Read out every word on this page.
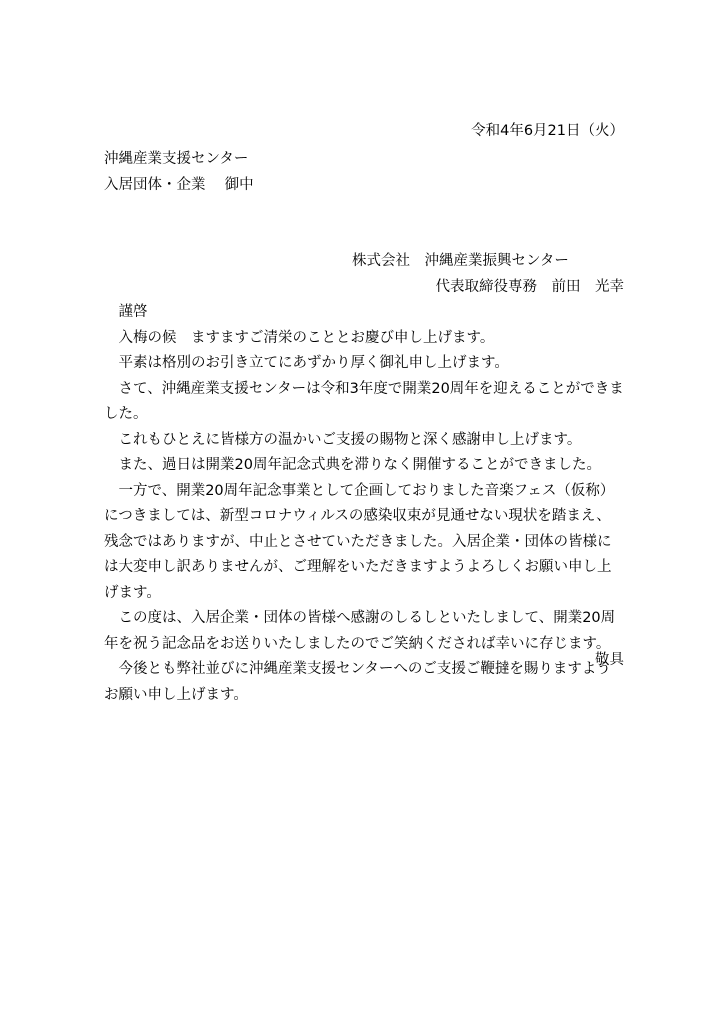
令和4年6月21日（火）
沖縄産業支援センター
入居団体・企業　 御中
株式会社　沖縄産業振興センター
代表取締役専務　前田　光幸

謹啓

入梅の候　ますますご清栄のこととお慶び申し上げます。

平素は格別のお引き立てにあずかり厚く御礼申し上げます。

さて、沖縄産業支援センターは令和3年度で開業20周年を迎えることができました。

これもひとえに皆様方の温かいご支援の賜物と深く感謝申し上げます。

また、過日は開業20周年記念式典を滞りなく開催することができました。

一方で、開業20周年記念事業として企画しておりました音楽フェス（仮称）につきましては、新型コロナウィルスの感染収束が見通せない現状を踏まえ、残念ではありますが、中止とさせていただきました。入居企業・団体の皆様には大変申し訳ありませんが、ご理解をいただきますようよろしくお願い申し上げます。

この度は、入居企業・団体の皆様へ感謝のしるしといたしまして、開業20周年を祝う記念品をお送りいたしましたのでご笑納くだされば幸いに存じます。

今後とも弊社並びに沖縄産業支援センターへのご支援ご鞭撻を賜りますようお願い申し上げます。

敬具
